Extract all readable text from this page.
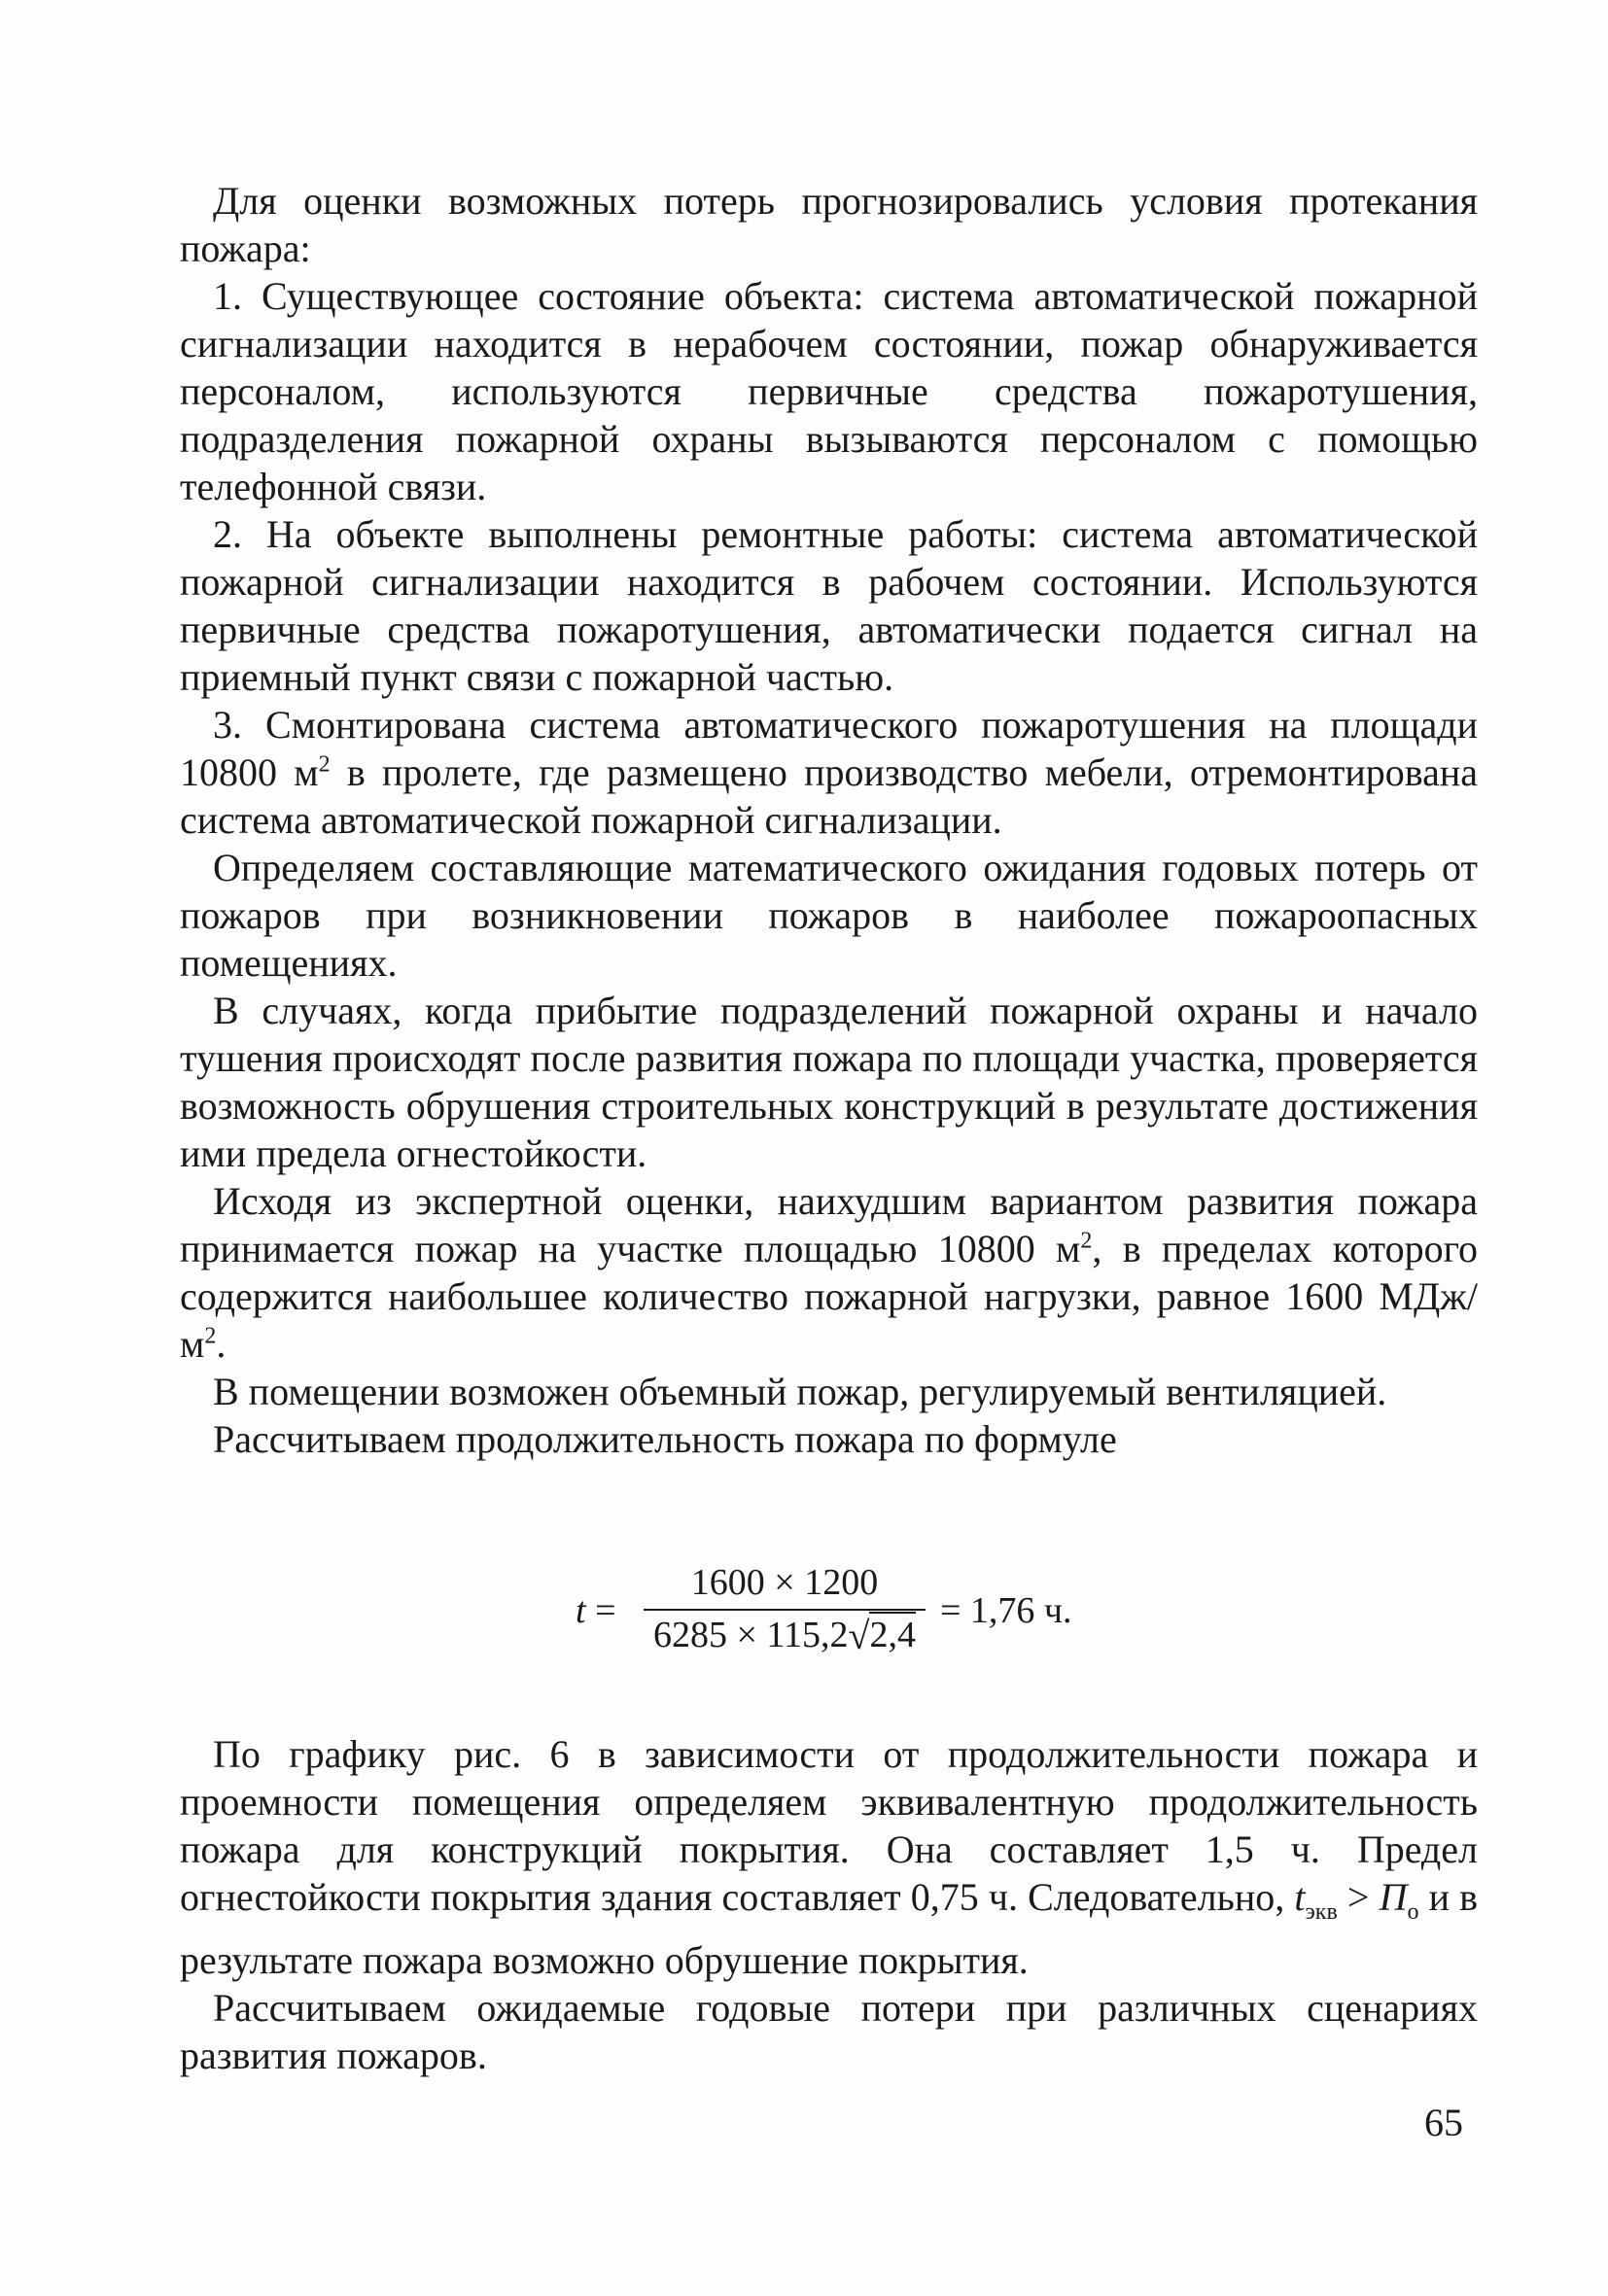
Для оценки возможных потерь прогнозировались условия протекания пожара:

1. Существующее состояние объекта: система автоматической пожарной сигнализации находится в нерабочем состоянии, пожар обнаруживается персоналом, используются первичные средства пожаротушения, подразделения пожарной охраны вызываются персоналом с помощью телефонной связи.

2. На объекте выполнены ремонтные работы: система автоматической пожарной сигнализации находится в рабочем состоянии. Используются первичные средства пожаротушения, автоматически подается сигнал на приемный пункт связи с пожарной частью.

3. Смонтирована система автоматического пожаротушения на площади 10800 $м^2$ в пролете, где размещено производство мебели, отремонтирована система автоматической пожарной сигнализации.

Определяем составляющие математического ожидания годовых потерь от пожаров при возникновении пожаров в наиболее пожароопасных помещениях.

В случаях, когда прибытие подразделений пожарной охраны и начало тушения происходят после развития пожара по площади участка, проверяется возможность обрушения строительных конструкций в результате достижения ими предела огнестойкости.

Исходя из экспертной оценки, наихудшим вариантом развития пожара принимается пожар на участке площадью 10800 $м^2$, в пределах которого содержится наибольшее количество пожарной нагрузки, равное 1600 МДж/$м^2$.

В помещении возможен объемный пожар, регулируемый вентиляцией.

Рассчитываем продолжительность пожара по формуле

t =
1600 × 1200
6285 × 115,2√2,4
= 1,76 ч.

По графику рис. 6 в зависимости от продолжительности пожара и проемности помещения определяем эквивалентную продолжительность пожара для конструкций покрытия. Она составляет 1,5 ч. Предел огнестойкости покрытия здания составляет 0,75 ч. Следовательно, $t_{экв} > П_о$ и в результате пожара возможно обрушение покрытия.

Рассчитываем ожидаемые годовые потери при различных сценариях развития пожаров.

65
